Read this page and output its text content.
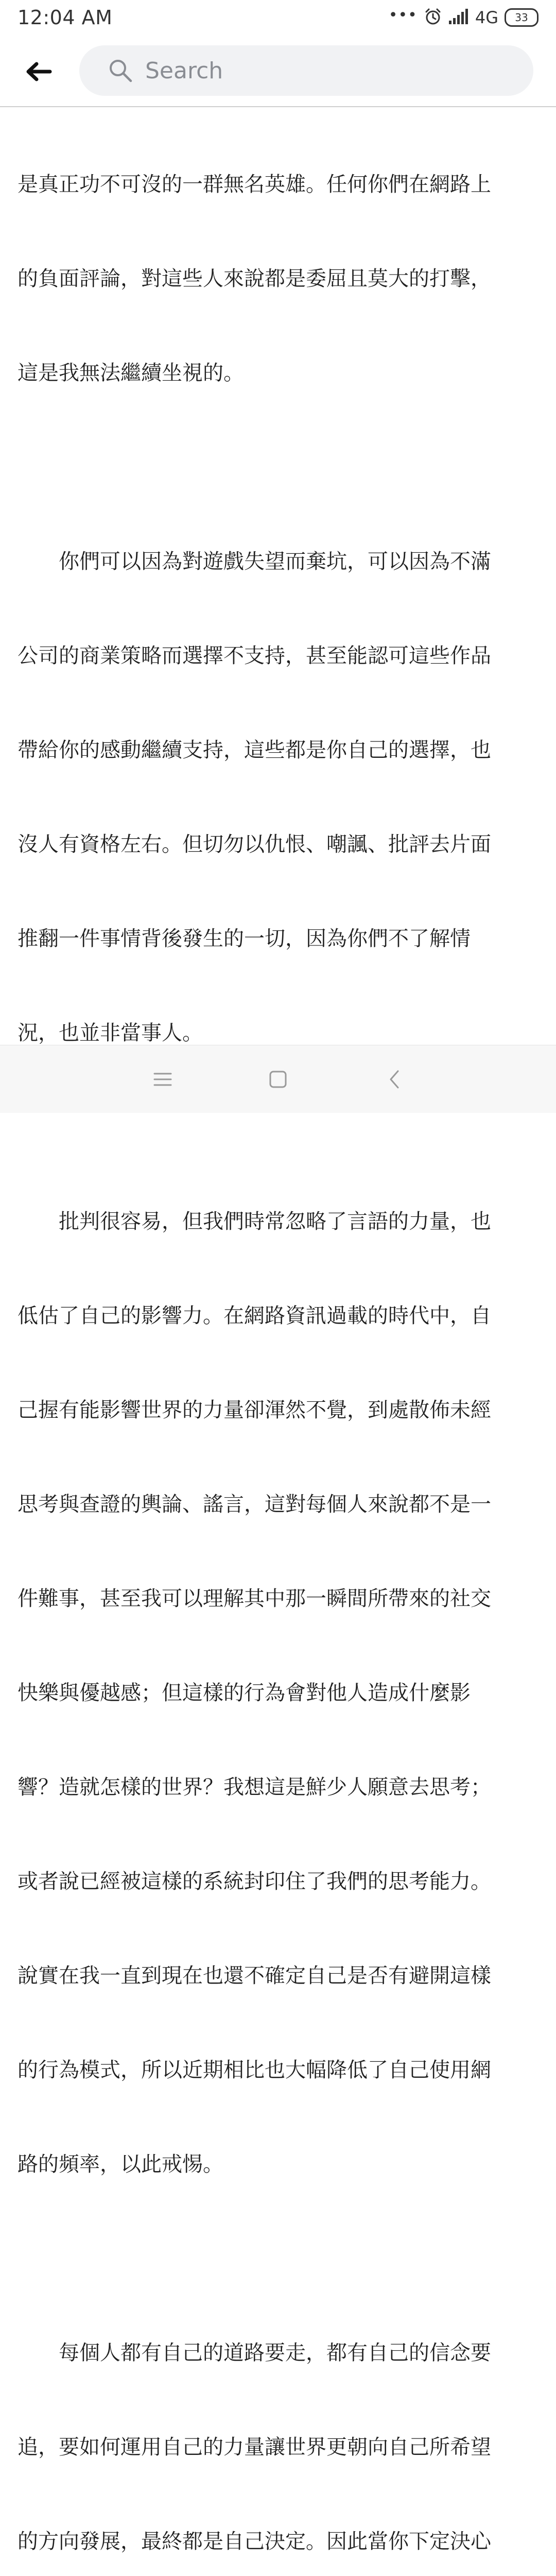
12:04 AM	•••	4G	33
Search

是真正功不可沒的一群無名英雄。任何你們在網路上

的負面評論，對這些人來說都是委屈且莫大的打擊，

這是我無法繼續坐視的。

　　你們可以因為對遊戲失望而棄坑，可以因為不滿

公司的商業策略而選擇不支持，甚至能認可這些作品

帶給你的感動繼續支持，這些都是你自己的選擇，也

沒人有資格左右。但切勿以仇恨、嘲諷、批評去片面

推翻一件事情背後發生的一切，因為你們不了解情

況，也並非當事人。

　　批判很容易，但我們時常忽略了言語的力量，也

低估了自己的影響力。在網路資訊過載的時代中，自

己握有能影響世界的力量卻渾然不覺，到處散佈未經

思考與查證的輿論、謠言，這對每個人來說都不是一

件難事，甚至我可以理解其中那一瞬間所帶來的社交

快樂與優越感；但這樣的行為會對他人造成什麼影

響？造就怎樣的世界？我想這是鮮少人願意去思考；

或者說已經被這樣的系統封印住了我們的思考能力。

說實在我一直到現在也還不確定自己是否有避開這樣

的行為模式，所以近期相比也大幅降低了自己使用網

路的頻率，以此戒惕。

　　每個人都有自己的道路要走，都有自己的信念要

追，要如何運用自己的力量讓世界更朝向自己所希望

的方向發展，最終都是自己決定。因此當你下定決心
